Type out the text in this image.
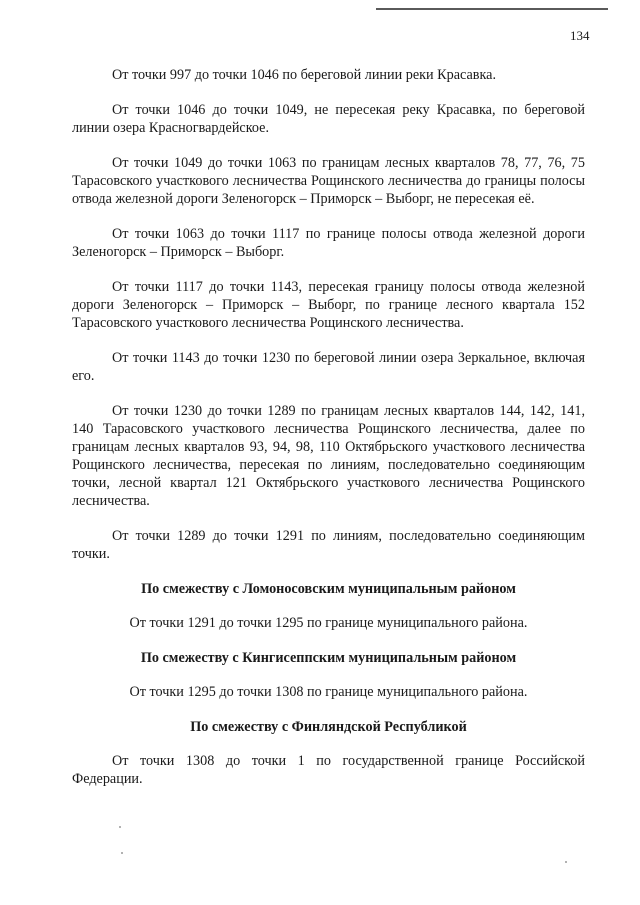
134

От точки 997 до точки 1046 по береговой линии реки Красавка.

От точки 1046 до точки 1049, не пересекая реку Красавка, по береговой линии озера Красногвардейское.

От точки 1049 до точки 1063 по границам лесных кварталов 78, 77, 76, 75 Тарасовского участкового лесничества Рощинского лесничества до границы полосы отвода железной дороги Зеленогорск – Приморск – Выборг, не пересекая её.

От точки 1063 до точки 1117 по границе полосы отвода железной дороги Зеленогорск – Приморск – Выборг.

От точки 1117 до точки 1143, пересекая границу полосы отвода железной дороги Зеленогорск – Приморск – Выборг, по границе лесного квартала 152 Тарасовского участкового лесничества Рощинского лесничества.

От точки 1143 до точки 1230 по береговой линии озера Зеркальное, включая его.

От точки 1230 до точки 1289 по границам лесных кварталов 144, 142, 141, 140 Тарасовского участкового лесничества Рощинского лесничества, далее по границам лесных кварталов 93, 94, 98, 110 Октябрьского участкового лесничества Рощинского лесничества, пересекая по линиям, последовательно соединяющим точки, лесной квартал 121 Октябрьского участкового лесничества Рощинского лесничества.

От точки 1289 до точки 1291 по линиям, последовательно соединяющим точки.

По смежеству с Ломоносовским муниципальным районом

От точки 1291 до точки 1295 по границе муниципального района.

По смежеству с Кингисеппским муниципальным районом

От точки 1295 до точки 1308 по границе муниципального района.

По смежеству с Финляндской Республикой

От точки 1308 до точки 1 по государственной границе Российской Федерации.
